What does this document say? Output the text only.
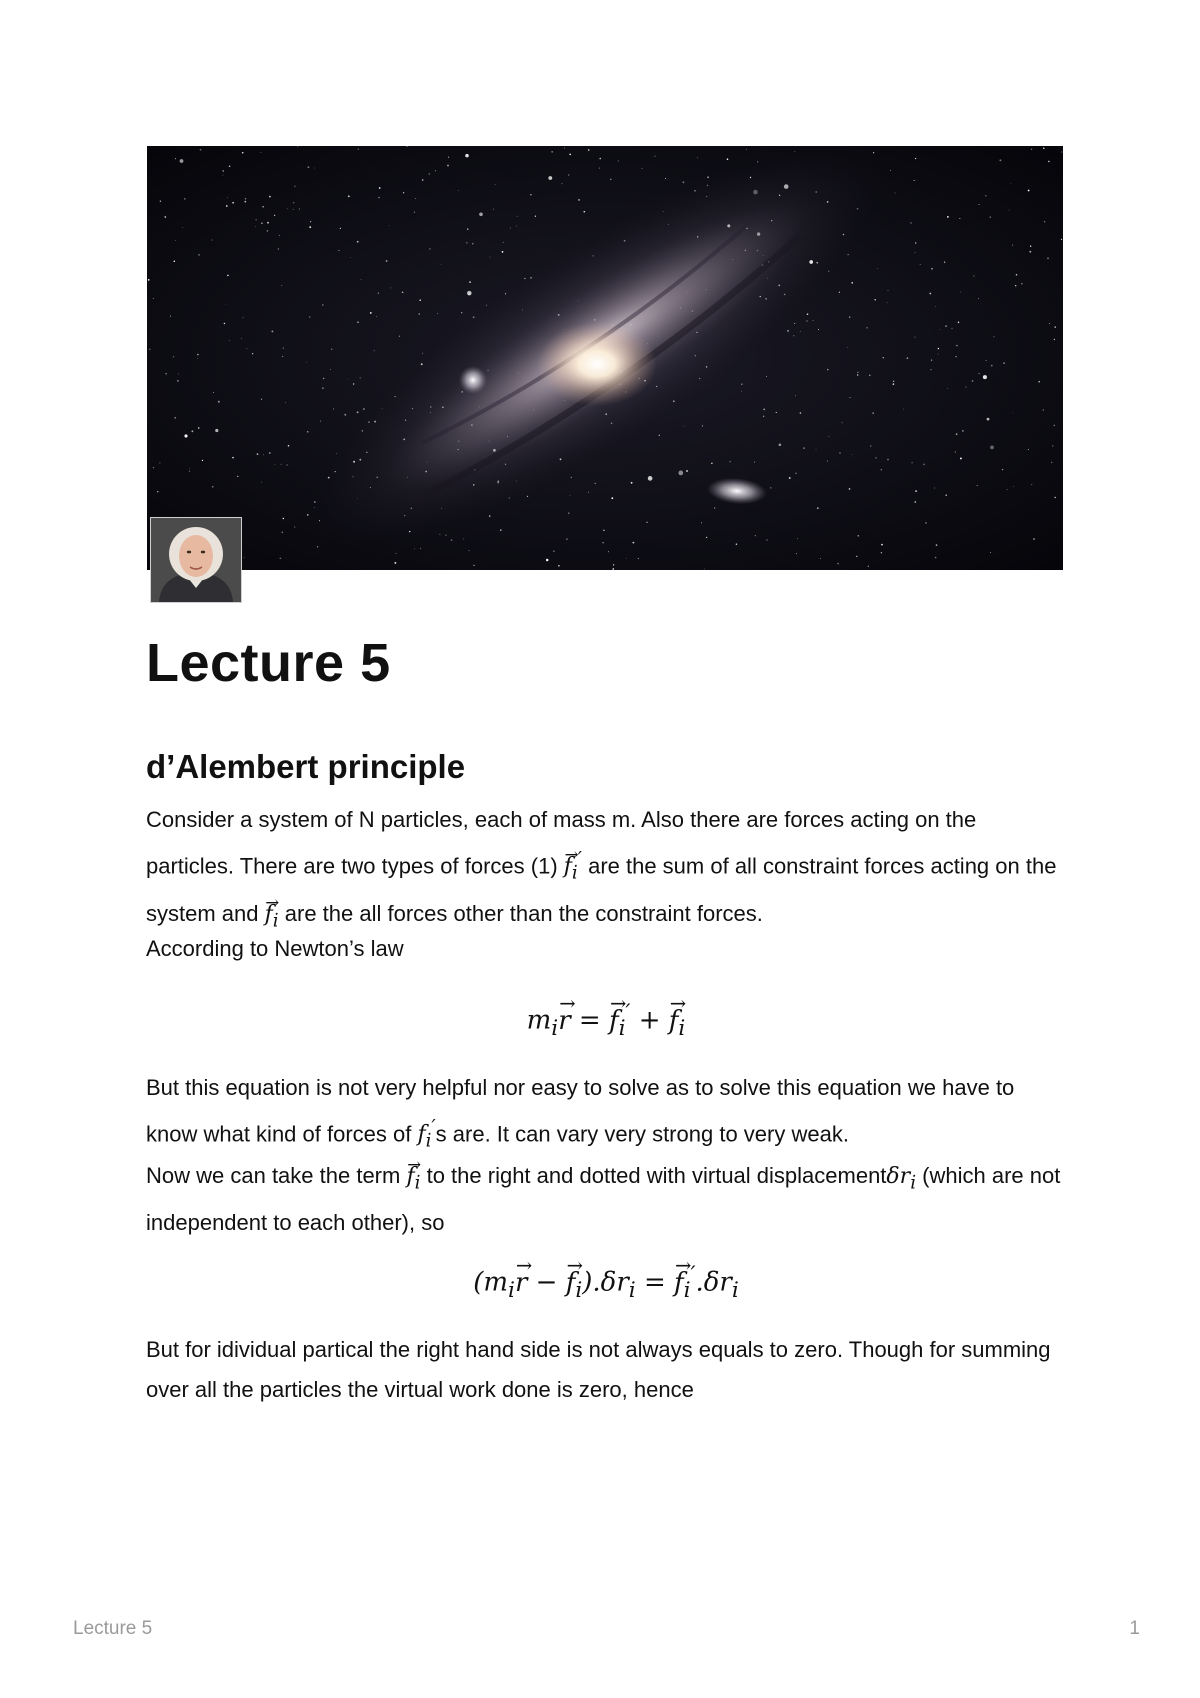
Lecture 5
d’Alembert principle

Consider a system of N particles, each of mass m. Also there are forces acting on the particles. There are two types of forces $(1) \to f_i'$ are the sum of all constraint forces acting on the system and → $f_i$ are the all forces other than the constraint forces.

According to Newton’s law

$m_i\to r$ = → $f_i'$ + → $f_i$

But this equation is not very helpful nor easy to solve as to solve this equation we have to know what kind of forces of $f_i's$ are. It can vary very strong to very weak.

Now we can take the term → $f_i$ to the right and dotted with virtual displacementδr$_i$ (which are not independent to each other), so

($m_i\to r$ − → $f_i).\delta r_i$ = → $f_i'.\delta r_i$

But for idividual partical the right hand side is not always equals to zero. Though for summing over all the particles the virtual work done is zero, hence

Lecture 5	1
